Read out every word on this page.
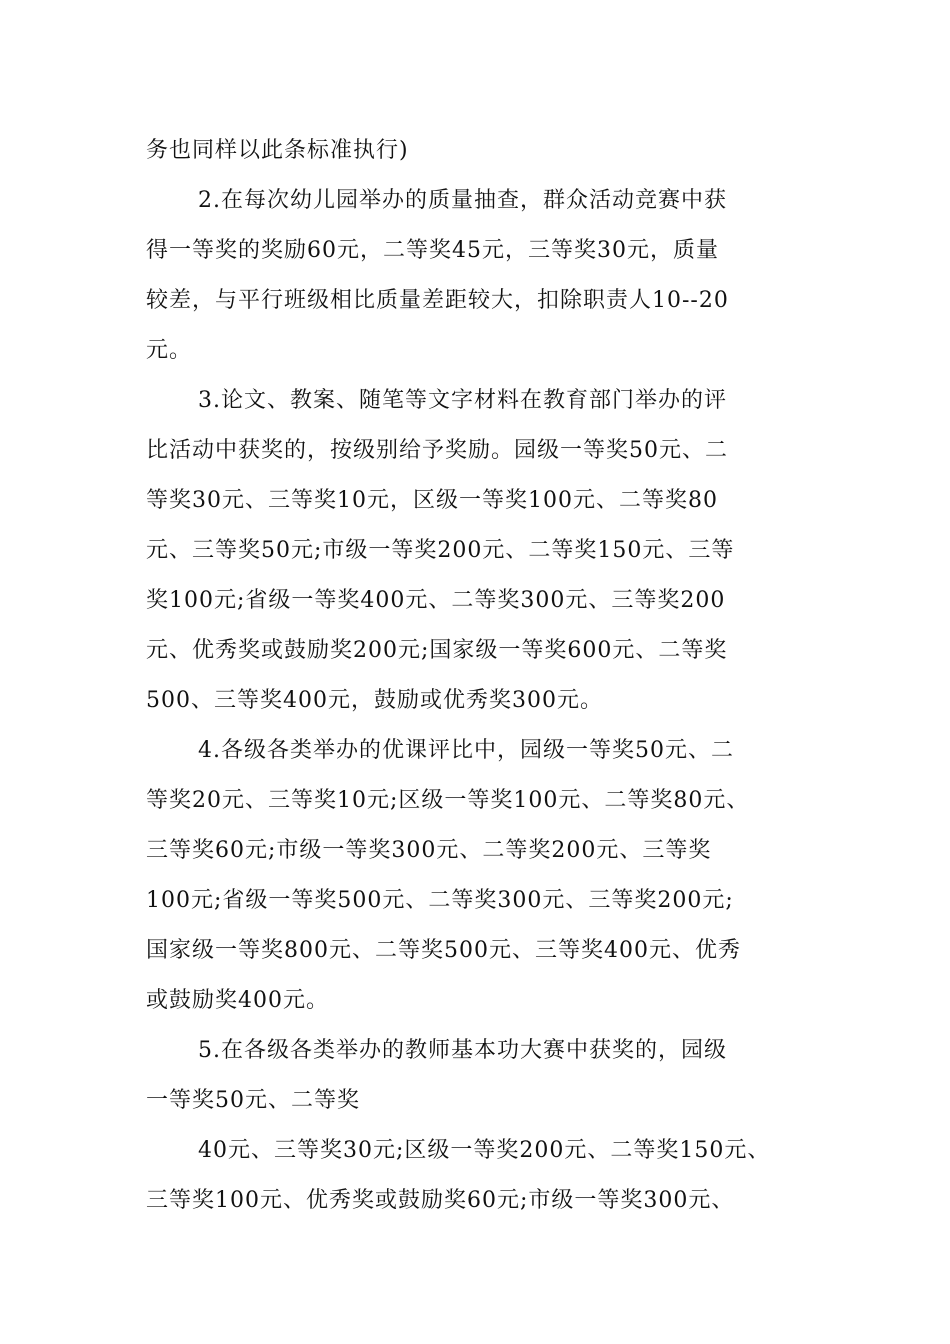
务也同样以此条标准执行)
2.在每次幼儿园举办的质量抽查，群众活动竞赛中获
得一等奖的奖励60元，二等奖45元，三等奖30元，质量
较差，与平行班级相比质量差距较大，扣除职责人10--20
元。
3.论文、教案、随笔等文字材料在教育部门举办的评
比活动中获奖的，按级别给予奖励。园级一等奖50元、二
等奖30元、三等奖10元，区级一等奖100元、二等奖80
元、三等奖50元;市级一等奖200元、二等奖150元、三等
奖100元;省级一等奖400元、二等奖300元、三等奖200
元、优秀奖或鼓励奖200元;国家级一等奖600元、二等奖
500、三等奖400元，鼓励或优秀奖300元。
4.各级各类举办的优课评比中，园级一等奖50元、二
等奖20元、三等奖10元;区级一等奖100元、二等奖80元、
三等奖60元;市级一等奖300元、二等奖200元、三等奖
100元;省级一等奖500元、二等奖300元、三等奖200元;
国家级一等奖800元、二等奖500元、三等奖400元、优秀
或鼓励奖400元。
5.在各级各类举办的教师基本功大赛中获奖的，园级
一等奖50元、二等奖
40元、三等奖30元;区级一等奖200元、二等奖150元、
三等奖100元、优秀奖或鼓励奖60元;市级一等奖300元、
